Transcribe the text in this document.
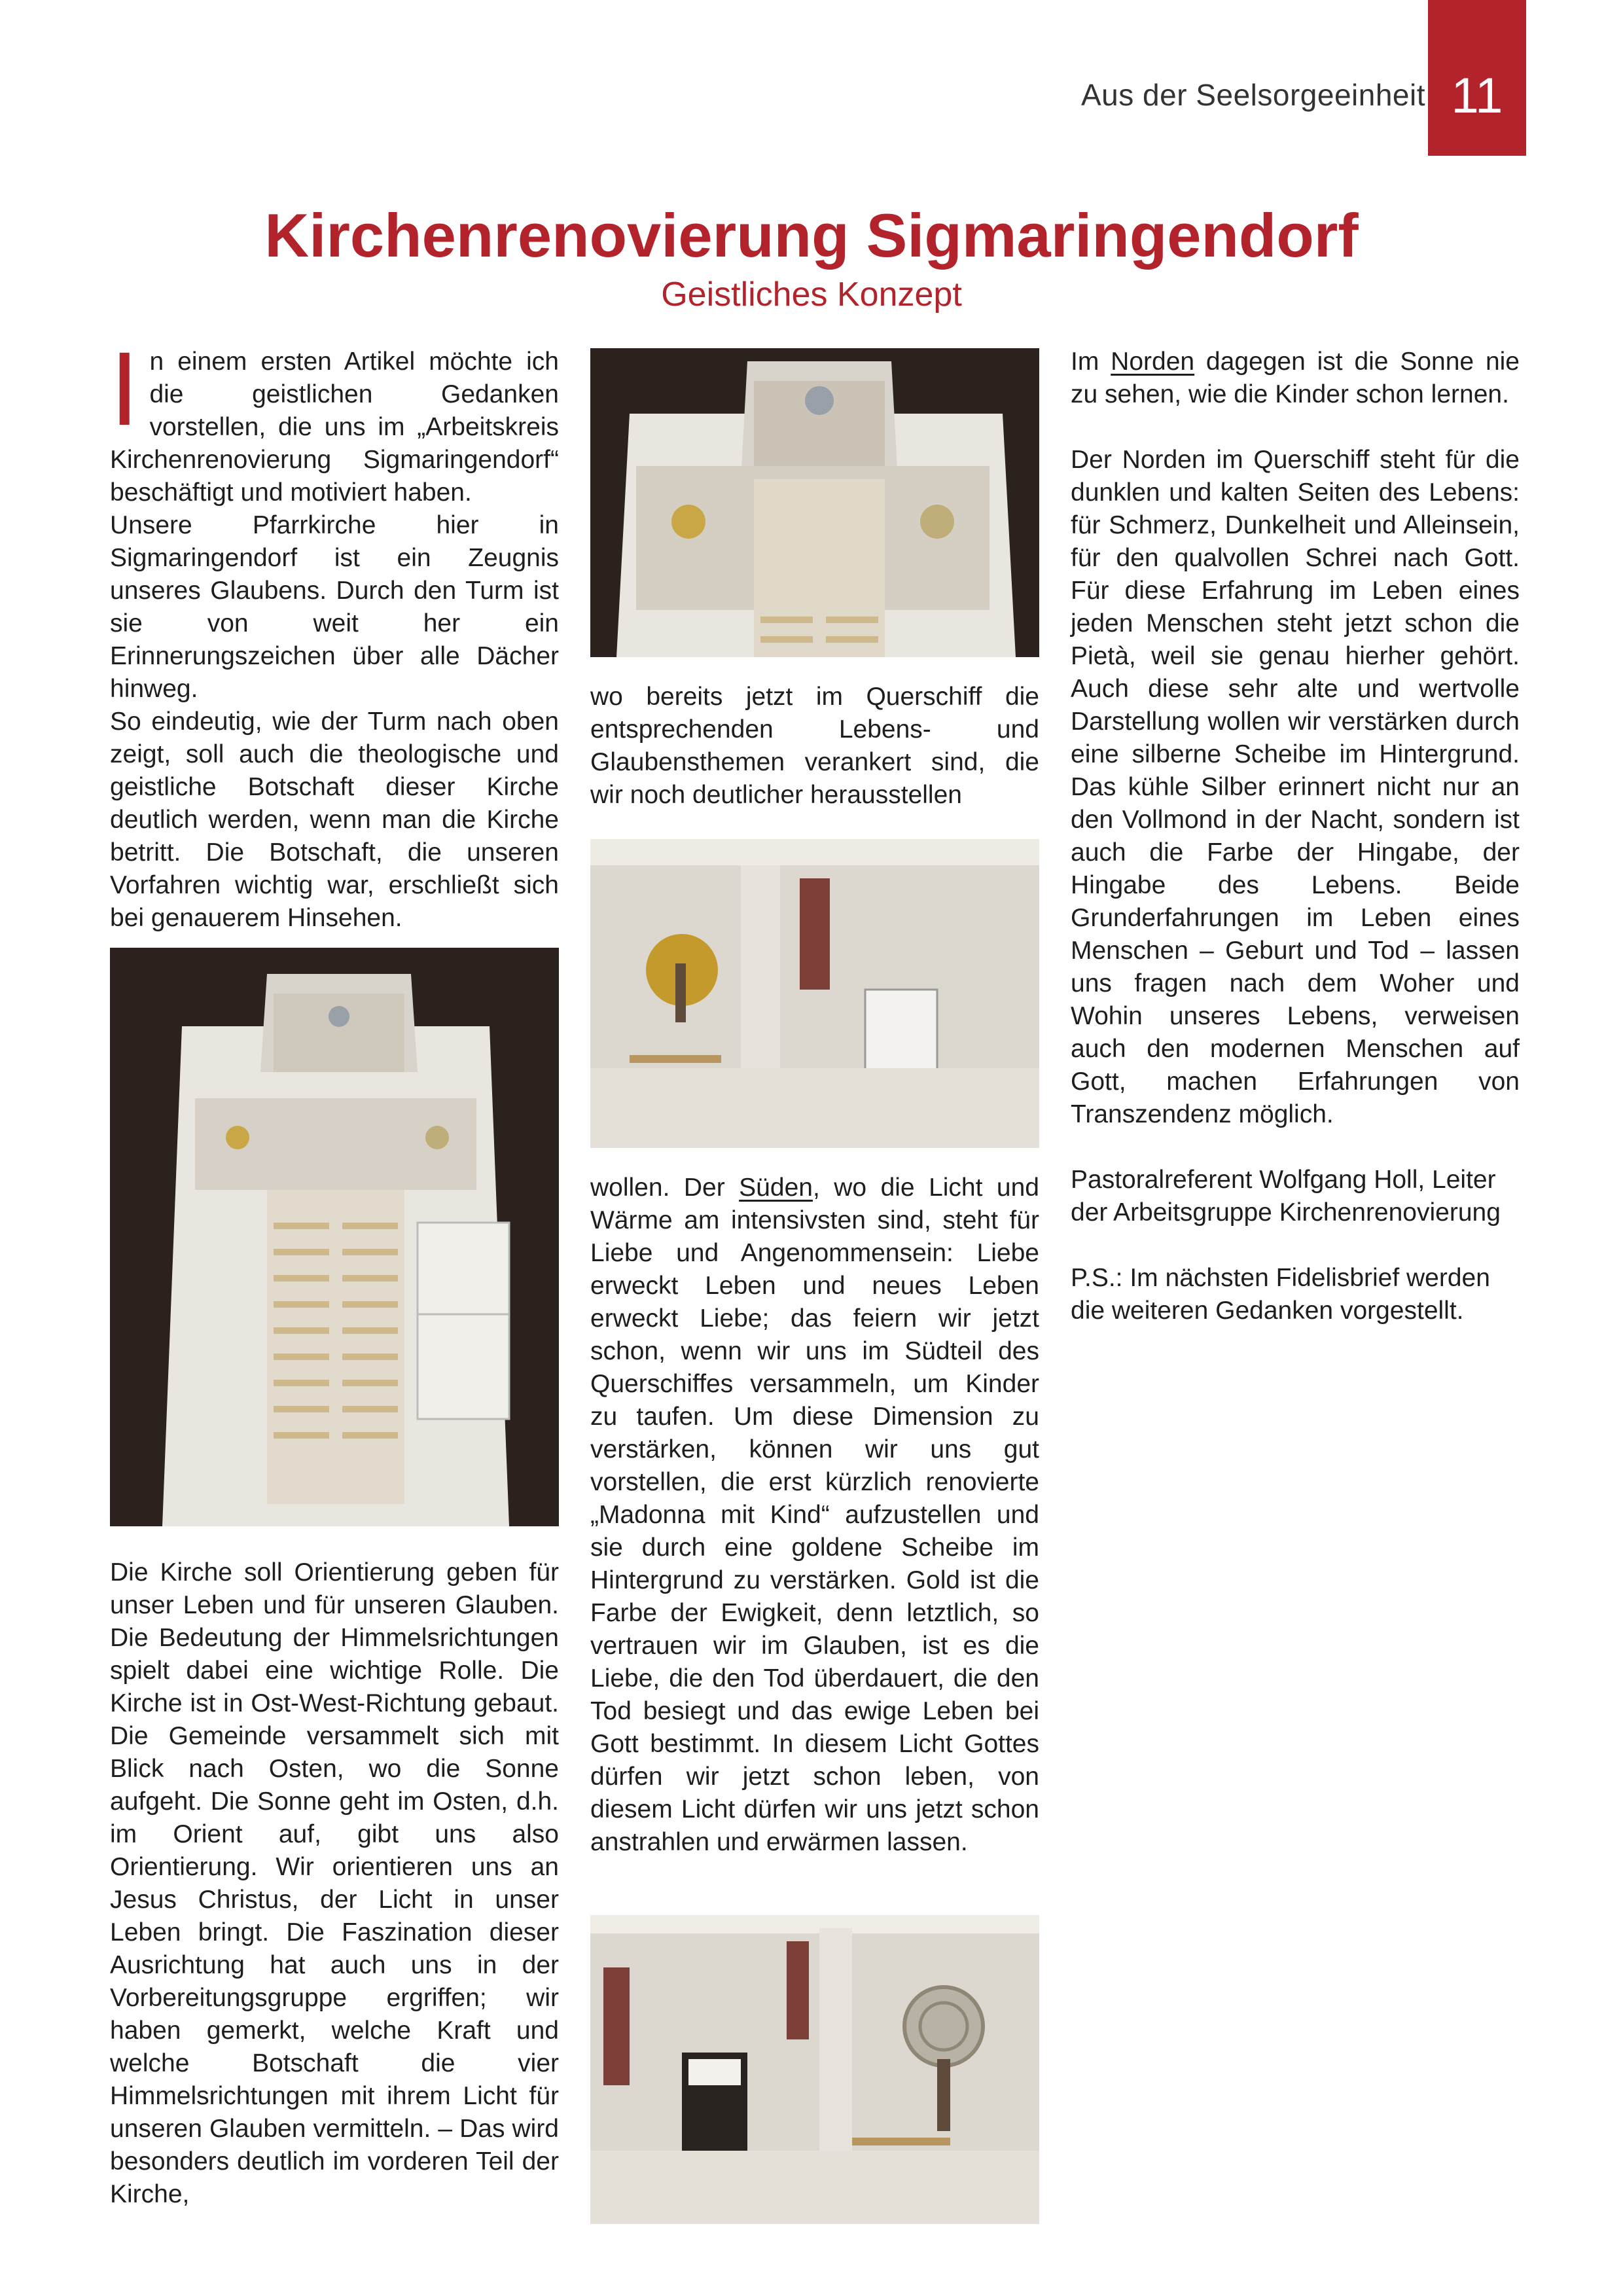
Aus der Seelsorgeeinheit 11
Kirchenrenovierung Sigmaringendorf
Geistliches Konzept
I n einem ersten Artikel möchte ich die geistlichen Gedanken vorstellen, die uns im „Arbeitskreis Kirchenrenovierung Sigmaringendorf“ beschäftigt und motiviert haben.

Unsere Pfarrkirche hier in Sigmaringendorf ist ein Zeugnis unseres Glaubens. Durch den Turm ist sie von weit her ein Erinnerungszeichen über alle Dächer hinweg.

So eindeutig, wie der Turm nach oben zeigt, soll auch die theologische und geistliche Botschaft dieser Kirche deutlich werden, wenn man die Kirche betritt. Die Botschaft, die unseren Vorfahren wichtig war, erschließt sich bei genauerem Hinsehen.

Die Kirche soll Orientierung geben für unser Leben und für unseren Glauben. Die Bedeutung der Himmelsrichtungen spielt dabei eine wichtige Rolle. Die Kirche ist in Ost-West-Richtung gebaut. Die Gemeinde versammelt sich mit Blick nach Osten, wo die Sonne aufgeht. Die Sonne geht im Osten, d.h. im Orient auf, gibt uns also Orientierung. Wir orientieren uns an Jesus Christus, der Licht in unser Leben bringt. Die Faszination dieser Ausrichtung hat auch uns in der Vorbereitungsgruppe ergriffen; wir haben gemerkt, welche Kraft und welche Botschaft die vier Himmelsrichtungen mit ihrem Licht für unseren Glauben vermitteln. – Das wird besonders deutlich im vorderen Teil der Kirche,

wo bereits jetzt im Querschiff die entsprechenden Lebens- und Glaubensthemen verankert sind, die wir noch deutlicher herausstellen

wollen. Der Süden, wo die Licht und Wärme am intensivsten sind, steht für Liebe und Angenommensein: Liebe erweckt Leben und neues Leben erweckt Liebe; das feiern wir jetzt schon, wenn wir uns im Südteil des Querschiffes versammeln, um Kinder zu taufen. Um diese Dimension zu verstärken, können wir uns gut vorstellen, die erst kürzlich renovierte „Madonna mit Kind“ aufzustellen und sie durch eine goldene Scheibe im Hintergrund zu verstärken. Gold ist die Farbe der Ewigkeit, denn letztlich, so vertrauen wir im Glauben, ist es die Liebe, die den Tod überdauert, die den Tod besiegt und das ewige Leben bei Gott bestimmt. In diesem Licht Gottes dürfen wir jetzt schon leben, von diesem Licht dürfen wir uns jetzt schon anstrahlen und erwärmen lassen.

Im Norden dagegen ist die Sonne nie zu sehen, wie die Kinder schon lernen.

Der Norden im Querschiff steht für die dunklen und kalten Seiten des Lebens: für Schmerz, Dunkelheit und Alleinsein, für den qualvollen Schrei nach Gott. Für diese Erfahrung im Leben eines jeden Menschen steht jetzt schon die Pietà, weil sie genau hierher gehört. Auch diese sehr alte und wertvolle Darstellung wollen wir verstärken durch eine silberne Scheibe im Hintergrund. Das kühle Silber erinnert nicht nur an den Vollmond in der Nacht, sondern ist auch die Farbe der Hingabe, der Hingabe des Lebens. Beide Grunderfahrungen im Leben eines Menschen – Geburt und Tod – lassen uns fragen nach dem Woher und Wohin unseres Lebens, verweisen auch den modernen Menschen auf Gott, machen Erfahrungen von Transzendenz möglich.

Pastoralreferent Wolfgang Holl, Leiter der Arbeitsgruppe Kirchenrenovierung

P.S.: Im nächsten Fidelisbrief werden die weiteren Gedanken vorgestellt.
